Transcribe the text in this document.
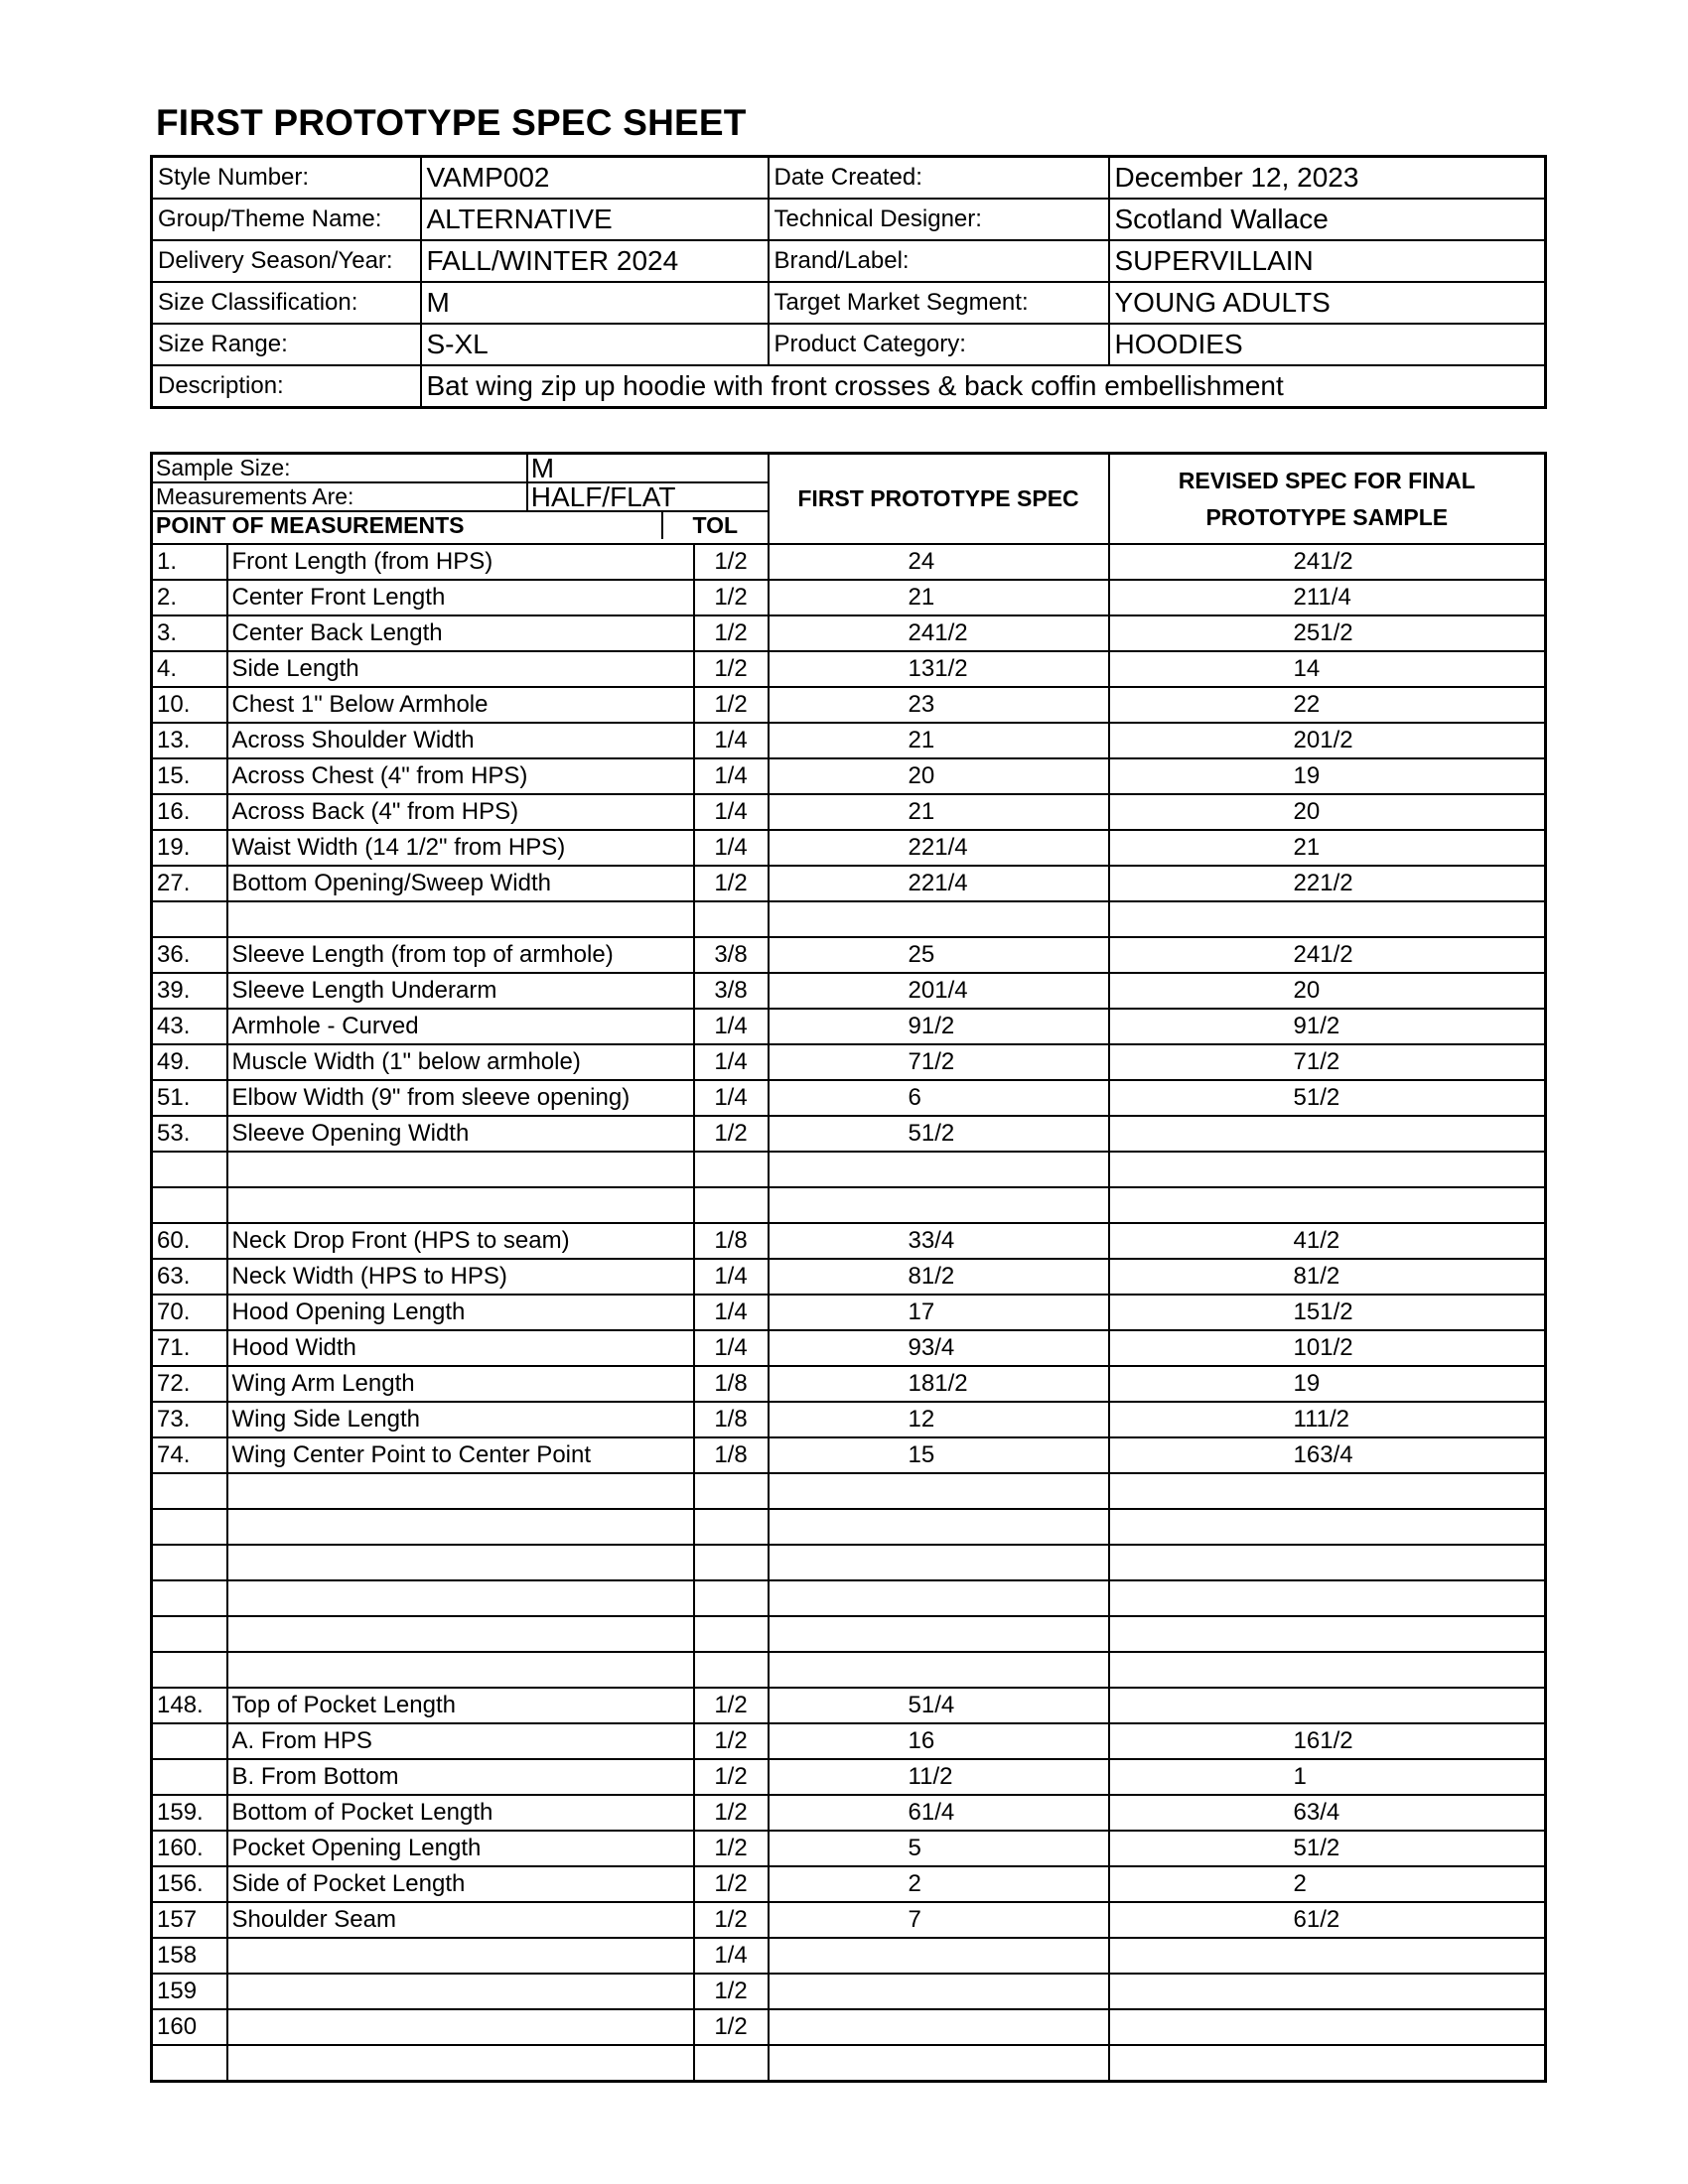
FIRST PROTOTYPE SPEC SHEET
Style Number:	VAMP002	Date Created:	December 12, 2023
Group/Theme Name:	ALTERNATIVE	Technical Designer:	Scotland Wallace
Delivery Season/Year:	FALL/WINTER 2024	Brand/Label:	SUPERVILLAIN
Size Classification:	M	Target Market Segment:	YOUNG ADULTS
Size Range:	S-XL	Product Category:	HOODIES
Description:	Bat wing zip up hoodie with front crosses & back coffin embellishment		
Sample Size:	M
Measurements Are:	HALF/FLAT
POINT OF MEASUREMENTS	TOL
	FIRST PROTOTYPE SPEC	REVISED SPEC FOR FINAL PROTOTYPE SAMPLE
1.	Front Length (from HPS)	1/2	24	241/2
2.	Center Front Length	1/2	21	211/4
3.	Center Back Length	1/2	241/2	251/2
4.	Side Length	1/2	131/2	14
10.	Chest 1" Below Armhole	1/2	23	22
13.	Across Shoulder Width	1/4	21	201/2
15.	Across Chest (4" from HPS)	1/4	20	19
16.	Across Back (4" from HPS)	1/4	21	20
19.	Waist Width (14 1/2" from HPS)	1/4	221/4	21
27.	Bottom Opening/Sweep Width	1/2	221/4	221/2

36.	Sleeve Length (from top of armhole)	3/8	25	241/2
39.	Sleeve Length Underarm	3/8	201/4	20
43.	Armhole - Curved	1/4	91/2	91/2
49.	Muscle Width (1" below armhole)	1/4	71/2	71/2
51.	Elbow Width (9" from sleeve opening)	1/4	6	51/2
53.	Sleeve Opening Width	1/2	51/2	

60.	Neck Drop Front (HPS to seam)	1/8	33/4	41/2
63.	Neck Width (HPS to HPS)	1/4	81/2	81/2
70.	Hood Opening Length	1/4	17	151/2
71.	Hood Width	1/4	93/4	101/2
72.	Wing Arm Length	1/8	181/2	19
73.	Wing Side Length	1/8	12	111/2
74.	Wing Center Point to Center Point	1/8	15	163/4

148.	Top of Pocket Length	1/2	51/4	
	A. From HPS	1/2	16	161/2
	B. From Bottom	1/2	11/2	1
159.	Bottom of Pocket Length	1/2	61/4	63/4
160.	Pocket Opening Length	1/2	5	51/2
156.	Side of Pocket Length	1/2	2	2
157	Shoulder Seam	1/2	7	61/2
158		1/4		
159		1/2		
160		1/2		
